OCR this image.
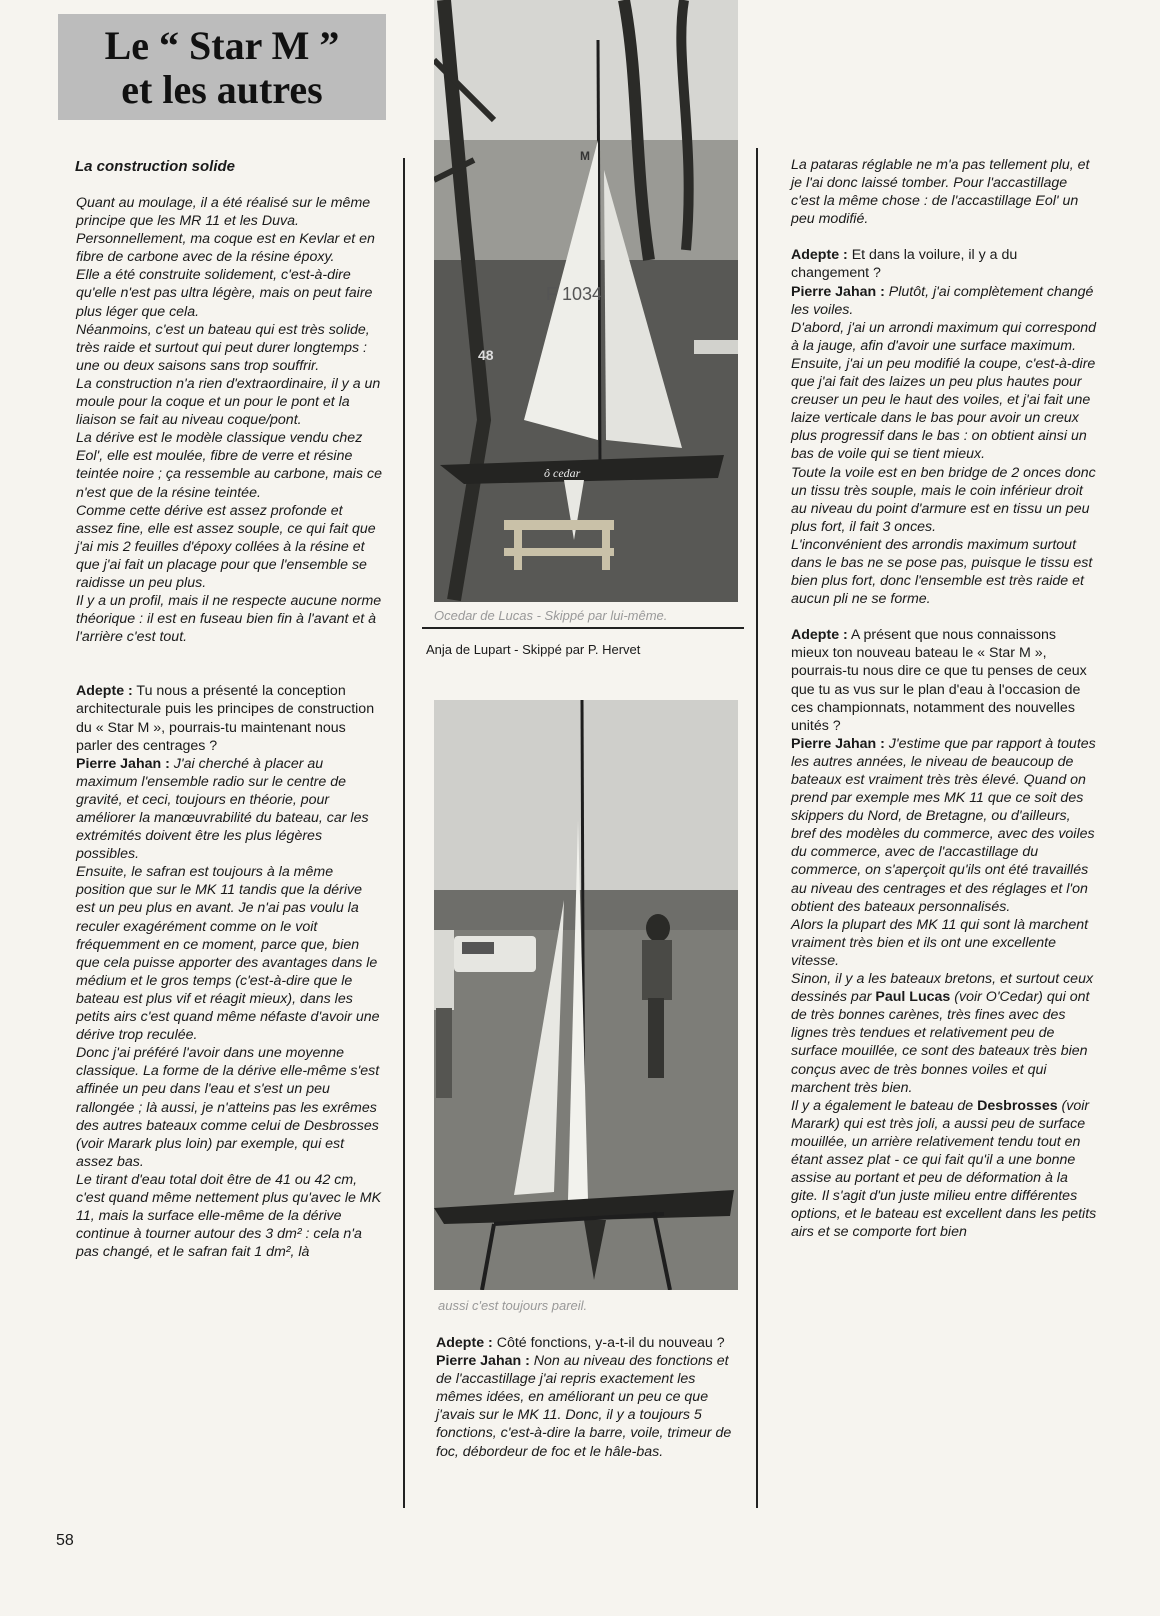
Le “ Star M ”
et les autres
La construction solide

Quant au moulage, il a été réalisé sur le même principe que les MR 11 et les Duva.

Personnellement, ma coque est en Kevlar et en fibre de carbone avec de la résine époxy.

Elle a été construite solidement, c'est-à-dire qu'elle n'est pas ultra légère, mais on peut faire plus léger que cela.

Néanmoins, c'est un bateau qui est très solide, très raide et surtout qui peut durer longtemps : une ou deux saisons sans trop souffrir.

La construction n'a rien d'extraordinaire, il y a un moule pour la coque et un pour le pont et la liaison se fait au niveau coque/pont.

La dérive est le modèle classique vendu chez Eol', elle est moulée, fibre de verre et résine teintée noire ; ça ressemble au carbone, mais ce n'est que de la résine teintée.

Comme cette dérive est assez profonde et assez fine, elle est assez souple, ce qui fait que j'ai mis 2 feuilles d'époxy collées à la résine et que j'ai fait un placage pour que l'ensemble se raidisse un peu plus.

Il y a un profil, mais il ne respecte aucune norme théorique : il est en fuseau bien fin à l'avant et à l'arrière c'est tout.

Adepte : Tu nous a présenté la conception architecturale puis les principes de construction du « Star M », pourrais-tu maintenant nous parler des centrages ?

Pierre Jahan : J'ai cherché à placer au maximum l'ensemble radio sur le centre de gravité, et ceci, toujours en théorie, pour améliorer la manœuvrabilité du bateau, car les extrémités doivent être les plus légères possibles.

Ensuite, le safran est toujours à la même position que sur le MK 11 tandis que la dérive est un peu plus en avant. Je n'ai pas voulu la reculer exagérément comme on le voit fréquemment en ce moment, parce que, bien que cela puisse apporter des avantages dans le médium et le gros temps (c'est-à-dire que le bateau est plus vif et réagit mieux), dans les petits airs c'est quand même néfaste d'avoir une dérive trop reculée.

Donc j'ai préféré l'avoir dans une moyenne classique. La forme de la dérive elle-même s'est affinée un peu dans l'eau et s'est un peu rallongée ; là aussi, je n'atteins pas les exrêmes des autres bateaux comme celui de Desbrosses (voir Marark plus loin) par exemple, qui est assez bas.

Le tirant d'eau total doit être de 41 ou 42 cm, c'est quand même nettement plus qu'avec le MK 11, mais la surface elle-même de la dérive continue à tourner autour des 3 dm² : cela n'a pas changé, et le safran fait 1 dm², là

F 1034
M
48
ô cedar
Ocedar de Lucas - Skippé par lui-même.
Anja de Lupart - Skippé par P. Hervet
aussi c'est toujours pareil.

Adepte : Côté fonctions, y-a-t-il du nouveau ?

Pierre Jahan : Non au niveau des fonctions et de l'accastillage j'ai repris exactement les mêmes idées, en améliorant un peu ce que j'avais sur le MK 11. Donc, il y a toujours 5 fonctions, c'est-à-dire la barre, voile, trimeur de foc, débordeur de foc et le hâle-bas.

La pataras réglable ne m'a pas tellement plu, et je l'ai donc laissé tomber. Pour l'accastillage c'est la même chose : de l'accastillage Eol' un peu modifié.

Adepte : Et dans la voilure, il y a du changement ?

Pierre Jahan : Plutôt, j'ai complètement changé les voiles.

D'abord, j'ai un arrondi maximum qui correspond à la jauge, afin d'avoir une surface maximum. Ensuite, j'ai un peu modifié la coupe, c'est-à-dire que j'ai fait des laizes un peu plus hautes pour creuser un peu le haut des voiles, et j'ai fait une laize verticale dans le bas pour avoir un creux plus progressif dans le bas : on obtient ainsi un bas de voile qui se tient mieux.

Toute la voile est en ben bridge de 2 onces donc un tissu très souple, mais le coin inférieur droit au niveau du point d'armure est en tissu un peu plus fort, il fait 3 onces.

L'inconvénient des arrondis maximum surtout dans le bas ne se pose pas, puisque le tissu est bien plus fort, donc l'ensemble est très raide et aucun pli ne se forme.

Adepte : A présent que nous connaissons mieux ton nouveau bateau le « Star M », pourrais-tu nous dire ce que tu penses de ceux que tu as vus sur le plan d'eau à l'occasion de ces championnats, notamment des nouvelles unités ?

Pierre Jahan : J'estime que par rapport à toutes les autres années, le niveau de beaucoup de bateaux est vraiment très très élevé. Quand on prend par exemple mes MK 11 que ce soit des skippers du Nord, de Bretagne, ou d'ailleurs, bref des modèles du commerce, avec des voiles du commerce, avec de l'accastillage du commerce, on s'aperçoit qu'ils ont été travaillés au niveau des centrages et des réglages et l'on obtient des bateaux personnalisés.

Alors la plupart des MK 11 qui sont là marchent vraiment très bien et ils ont une excellente vitesse.

Sinon, il y a les bateaux bretons, et surtout ceux dessinés par Paul Lucas (voir O'Cedar) qui ont de très bonnes carènes, très fines avec des lignes très tendues et relativement peu de surface mouillée, ce sont des bateaux très bien conçus avec de très bonnes voiles et qui marchent très bien.

Il y a également le bateau de Desbrosses (voir Marark) qui est très joli, a aussi peu de surface mouillée, un arrière relativement tendu tout en étant assez plat - ce qui fait qu'il a une bonne assise au portant et peu de déformation à la gite. Il s'agit d'un juste milieu entre différentes options, et le bateau est excellent dans les petits airs et se comporte fort bien

58
